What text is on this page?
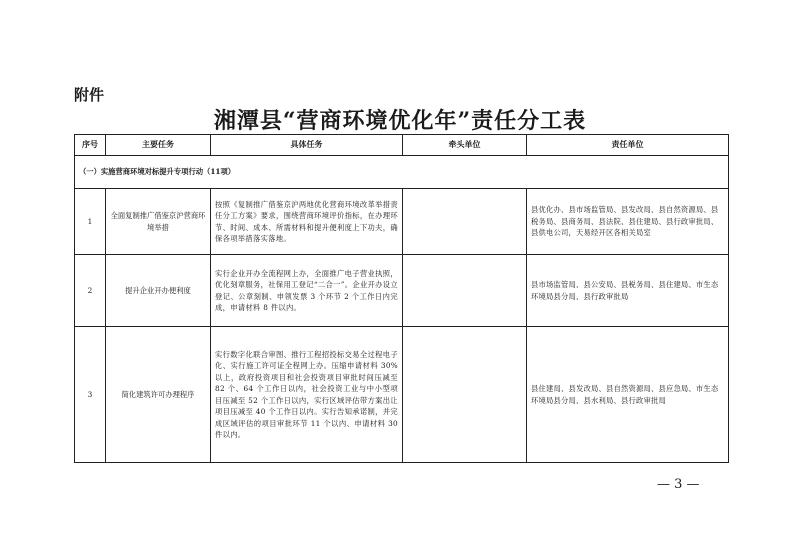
附件
湘潭县“营商环境优化年”责任分工表
序号	主要任务	具体任务	牵头单位	责任单位
（一）实施营商环境对标提升专项行动（11项）				
1	全面复制推广借鉴京沪营商环境举措	按照《复制推广借鉴京沪两地优化营商环境改革举措责任分工方案》要求，围绕营商环境评价指标，在办理环节、时间、成本、所需材料和提升便利度上下功夫，确保各项举措落实落地。		县优化办、县市场监管局、县发改局、县自然资源局、县税务局、县商务局、县法院、县住建局、县行政审批局、县供电公司，天易经开区各相关局室
2	提升企业开办便利度	实行企业开办全流程网上办，全面推广电子营业执照，优化刻章服务，社保用工登记“二合一”。企业开办设立登记、公章刻制、申领发票 3 个环节 2 个工作日内完成，申请材料 8 件以内。		县市场监管局、县公安局、县税务局、县住建局、市生态环境局县分局、县行政审批局
3	简化建筑许可办理程序	实行数字化联合审图、推行工程招投标交易全过程电子化、实行施工许可证全程网上办。压缩申请材料 30%以上，政府投资项目和社会投资项目审批时间压减至 82 个、64 个工作日以内，社会投资工业与中小型项目压减至 52 个工作日以内，实行区域评估带方案出让项目压减至 40 个工作日以内。实行告知承诺制，并完成区域评估的项目审批环节 11 个以内、申请材料 30 件以内。		县住建局、县发改局、县自然资源局、县应急局、市生态环境局县分局、县水利局、县行政审批局
— 3 —
